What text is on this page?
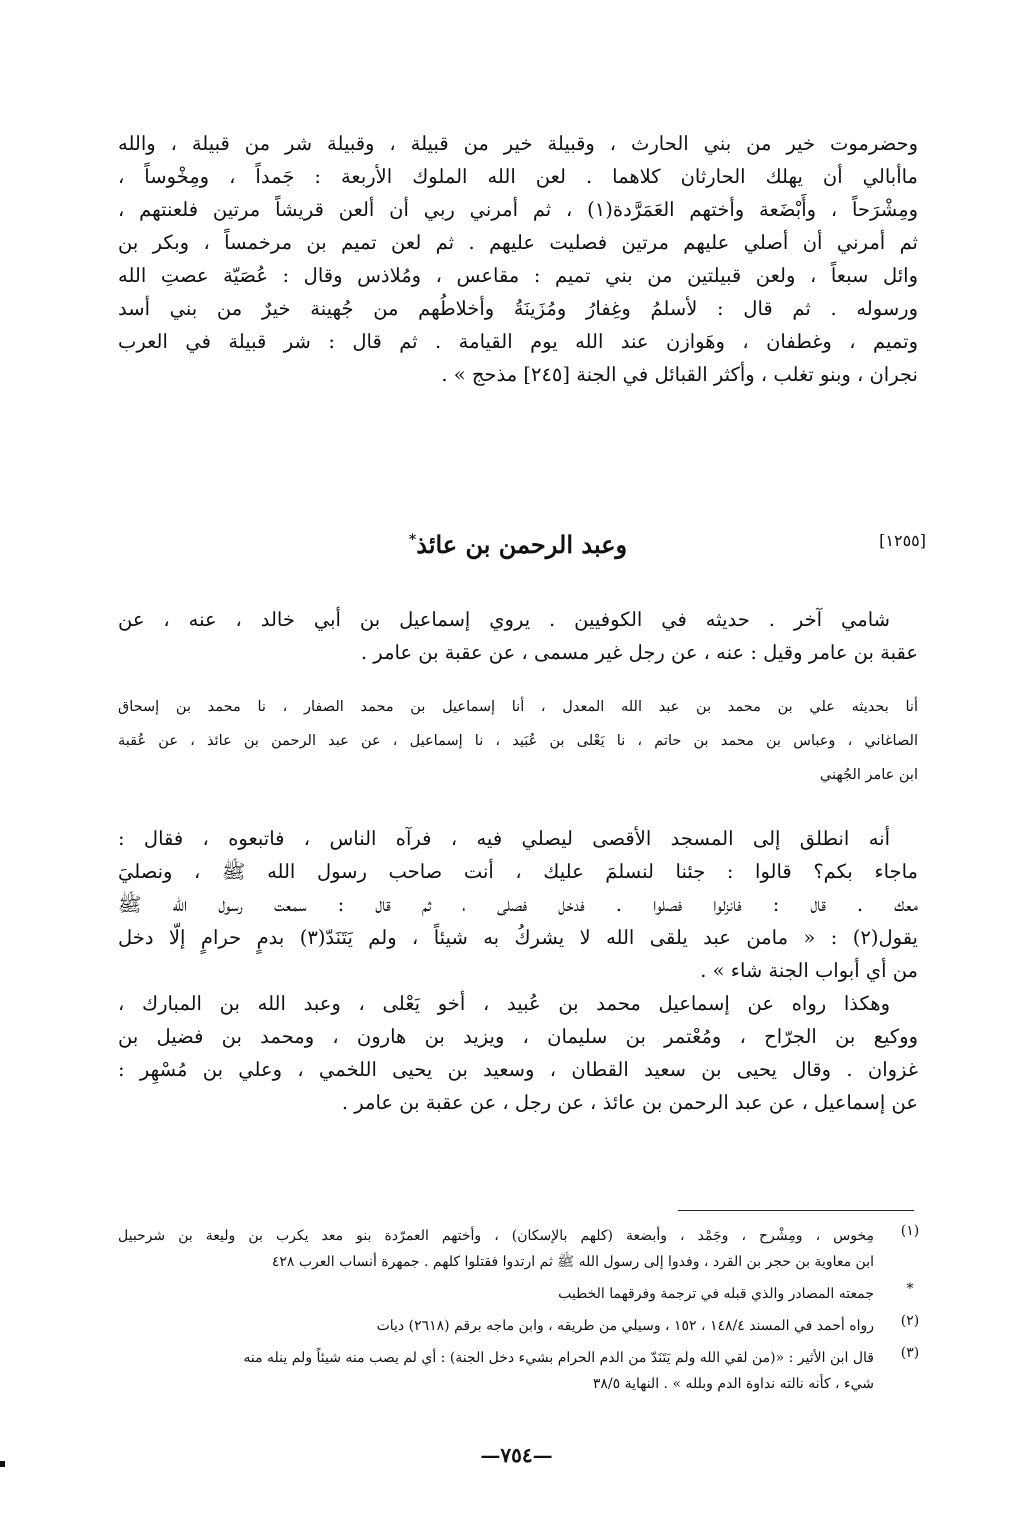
وحضرموت خير من بني الحارث ، وقبيلة خير من قبيلة ، وقبيلة شر من قبيلة ، والله
ماأبالي أن يهلك الحارثان كلاهما . لعن الله الملوك الأربعة : جَمداً ، ومِخْوساً ،
ومِشْرَحاً ، وأَبْضَعة وأختهم العَمَرَّدة(١) ، ثم أمرني ربي أن ألعن قريشاً مرتين فلعنتهم ،
ثم أمرني أن أصلي عليهم مرتين فصليت عليهم . ثم لعن تميم بن مرخمساً ، وبكر بن
وائل سبعاً ، ولعن قبيلتين من بني تميم : مقاعس ، ومُلاذس وقال : عُصَيّة عصتِ الله
ورسوله . ثم قال : لأسلمُ وغِفارُ ومُزَينَةُ وأخلاطُهم من جُهينة خيرٌ من بني أسد
وتميم ، وغطفان ، وهَوازن عند الله يوم القيامة . ثم قال : شر قبيلة في العرب
نجران ، وبنو تغلب ، وأكثر القبائل في الجنة [٢٤٥] مذحج » .
[١٢٥٥]
وعبد الرحمن بن عائذ*
شامي آخر . حديثه في الكوفيين . يروي إسماعيل بن أبي خالد ، عنه ، عن
عقبة بن عامر وقيل : عنه ، عن رجل غير مسمى ، عن عقبة بن عامر .
أنا بحديثه علي بن محمد بن عبد الله المعدل ، أنا إسماعيل بن محمد الصفار ، نا محمد بن إسحاق
الصاغاني ، وعباس بن محمد بن حاتم ، نا يَعْلى بن عُبَيد ، نا إسماعيل ، عن عبد الرحمن بن عائذ ، عن عُقبة
ابن عامر الجُهني
أنه انطلق إلى المسجد الأقصى ليصلي فيه ، فرآه الناس ، فاتبعوه ، فقال :
ماجاء بكم؟ قالوا : جئنا لنسلمَ عليك ، أنت صاحب رسول الله ﷺ ، ونصليَ
معك . قال : فانزلوا فصلوا . فدخل فصلى ، ثم قال : سمعت رسول الله ﷺ
يقول(٢) : « مامن عبد يلقى الله لا يشركُ به شيئاً ، ولم يَتَنَدّ(٣) بدمٍ حرامٍ إلّا دخل
من أي أبواب الجنة شاء » .
وهكذا رواه عن إسماعيل محمد بن عُبيد ، أخو يَعْلى ، وعبد الله بن المبارك ،
ووكيع بن الجرّاح ، ومُعْتمر بن سليمان ، ويزيد بن هارون ، ومحمد بن فضيل بن
غزوان . وقال يحيى بن سعيد القطان ، وسعيد بن يحيى اللخمي ، وعلي بن مُسْهِر :
عن إسماعيل ، عن عبد الرحمن بن عائذ ، عن رجل ، عن عقبة بن عامر .
(١)
مِخوس ، ومِشْرح ، وجَمْد ، وأبضعة (كلهم بالإسكان) ، وأختهم العمرّدة بنو معد يكرب بن وليعة بن شرحبيل
ابن معاوية بن حجر بن القرد ، وفدوا إلى رسول الله ﷺ ثم ارتدوا فقتلوا كلهم . جمهرة أنساب العرب ٤٢٨
*
جمعته المصادر والذي قبله في ترجمة وفرقهما الخطيب
(٢)
رواه أحمد في المسند ١٤٨/٤ ، ١٥٢ ، وسيلي من طريقه ، وابن ماجه برقم (٢٦١٨) ديات
(٣)
قال ابن الأثير : «(من لقي الله ولم يَتَنَدّ من الدم الحرام بشيء دخل الجنة) : أي لم يصب منه شيئاً ولم ينله منه
شيء ، كأنه نالته نداوة الدم وبلله » . النهاية ٣٨/٥
—٧٥٤—
